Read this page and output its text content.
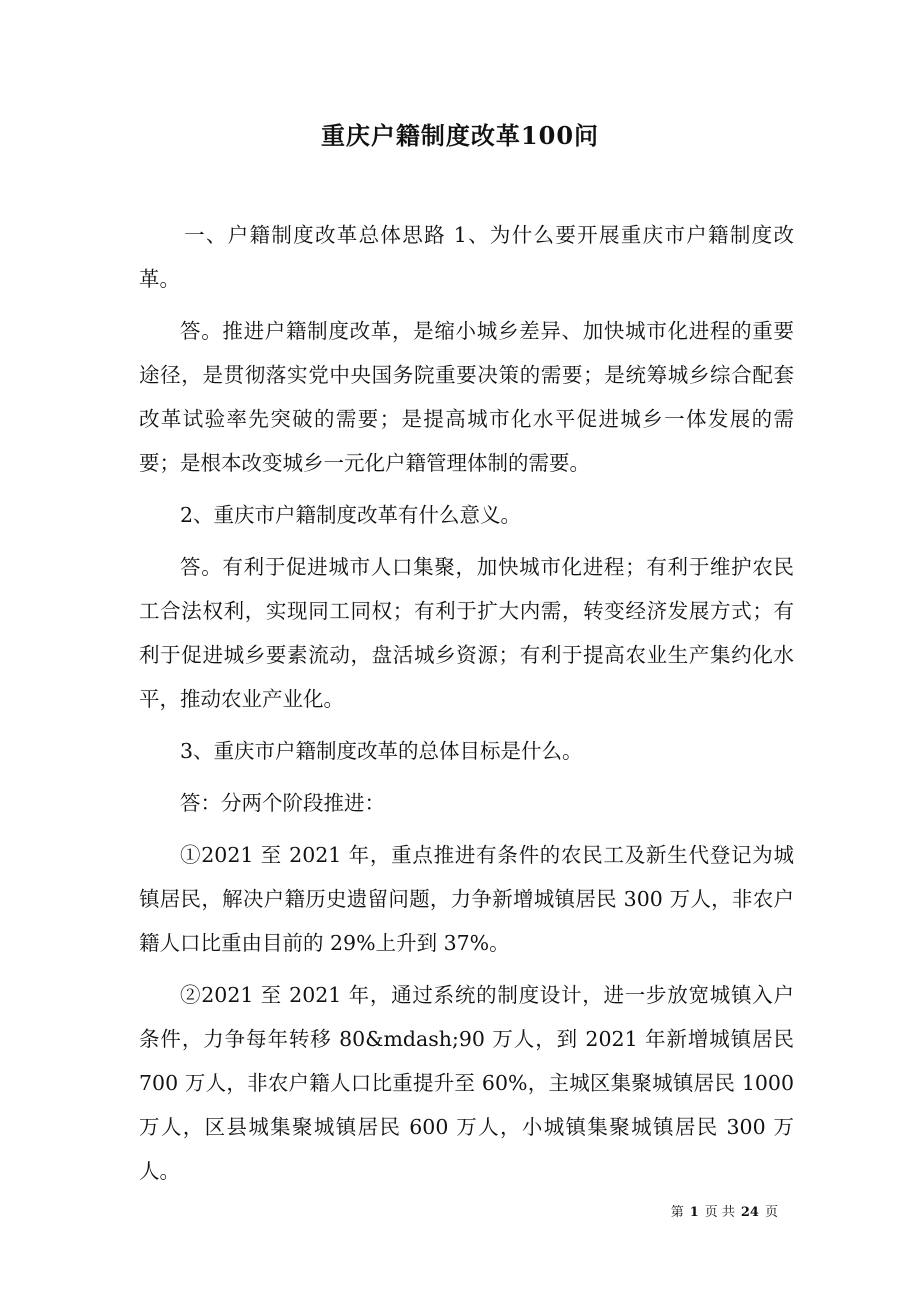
重庆户籍制度改革100问

一、户籍制度改革总体思路 1、为什么要开展重庆市户籍制度改革。

答。推进户籍制度改革，是缩小城乡差异、加快城市化进程的重要途径，是贯彻落实党中央国务院重要决策的需要；是统筹城乡综合配套改革试验率先突破的需要；是提高城市化水平促进城乡一体发展的需要；是根本改变城乡一元化户籍管理体制的需要。

2、重庆市户籍制度改革有什么意义。

答。有利于促进城市人口集聚，加快城市化进程；有利于维护农民工合法权利，实现同工同权；有利于扩大内需，转变经济发展方式；有利于促进城乡要素流动，盘活城乡资源；有利于提高农业生产集约化水平，推动农业产业化。

3、重庆市户籍制度改革的总体目标是什么。

答：分两个阶段推进：

①2021 至 2021 年，重点推进有条件的农民工及新生代登记为城镇居民，解决户籍历史遗留问题，力争新增城镇居民 300 万人，非农户籍人口比重由目前的 29%上升到 37%。

②2021 至 2021 年，通过系统的制度设计，进一步放宽城镇入户条件，力争每年转移 80&mdash;90 万人，到 2021 年新增城镇居民 700 万人，非农户籍人口比重提升至 60%，主城区集聚城镇居民 1000 万人，区县城集聚城镇居民 600 万人，小城镇集聚城镇居民 300 万人。

第 1 页 共 24 页
